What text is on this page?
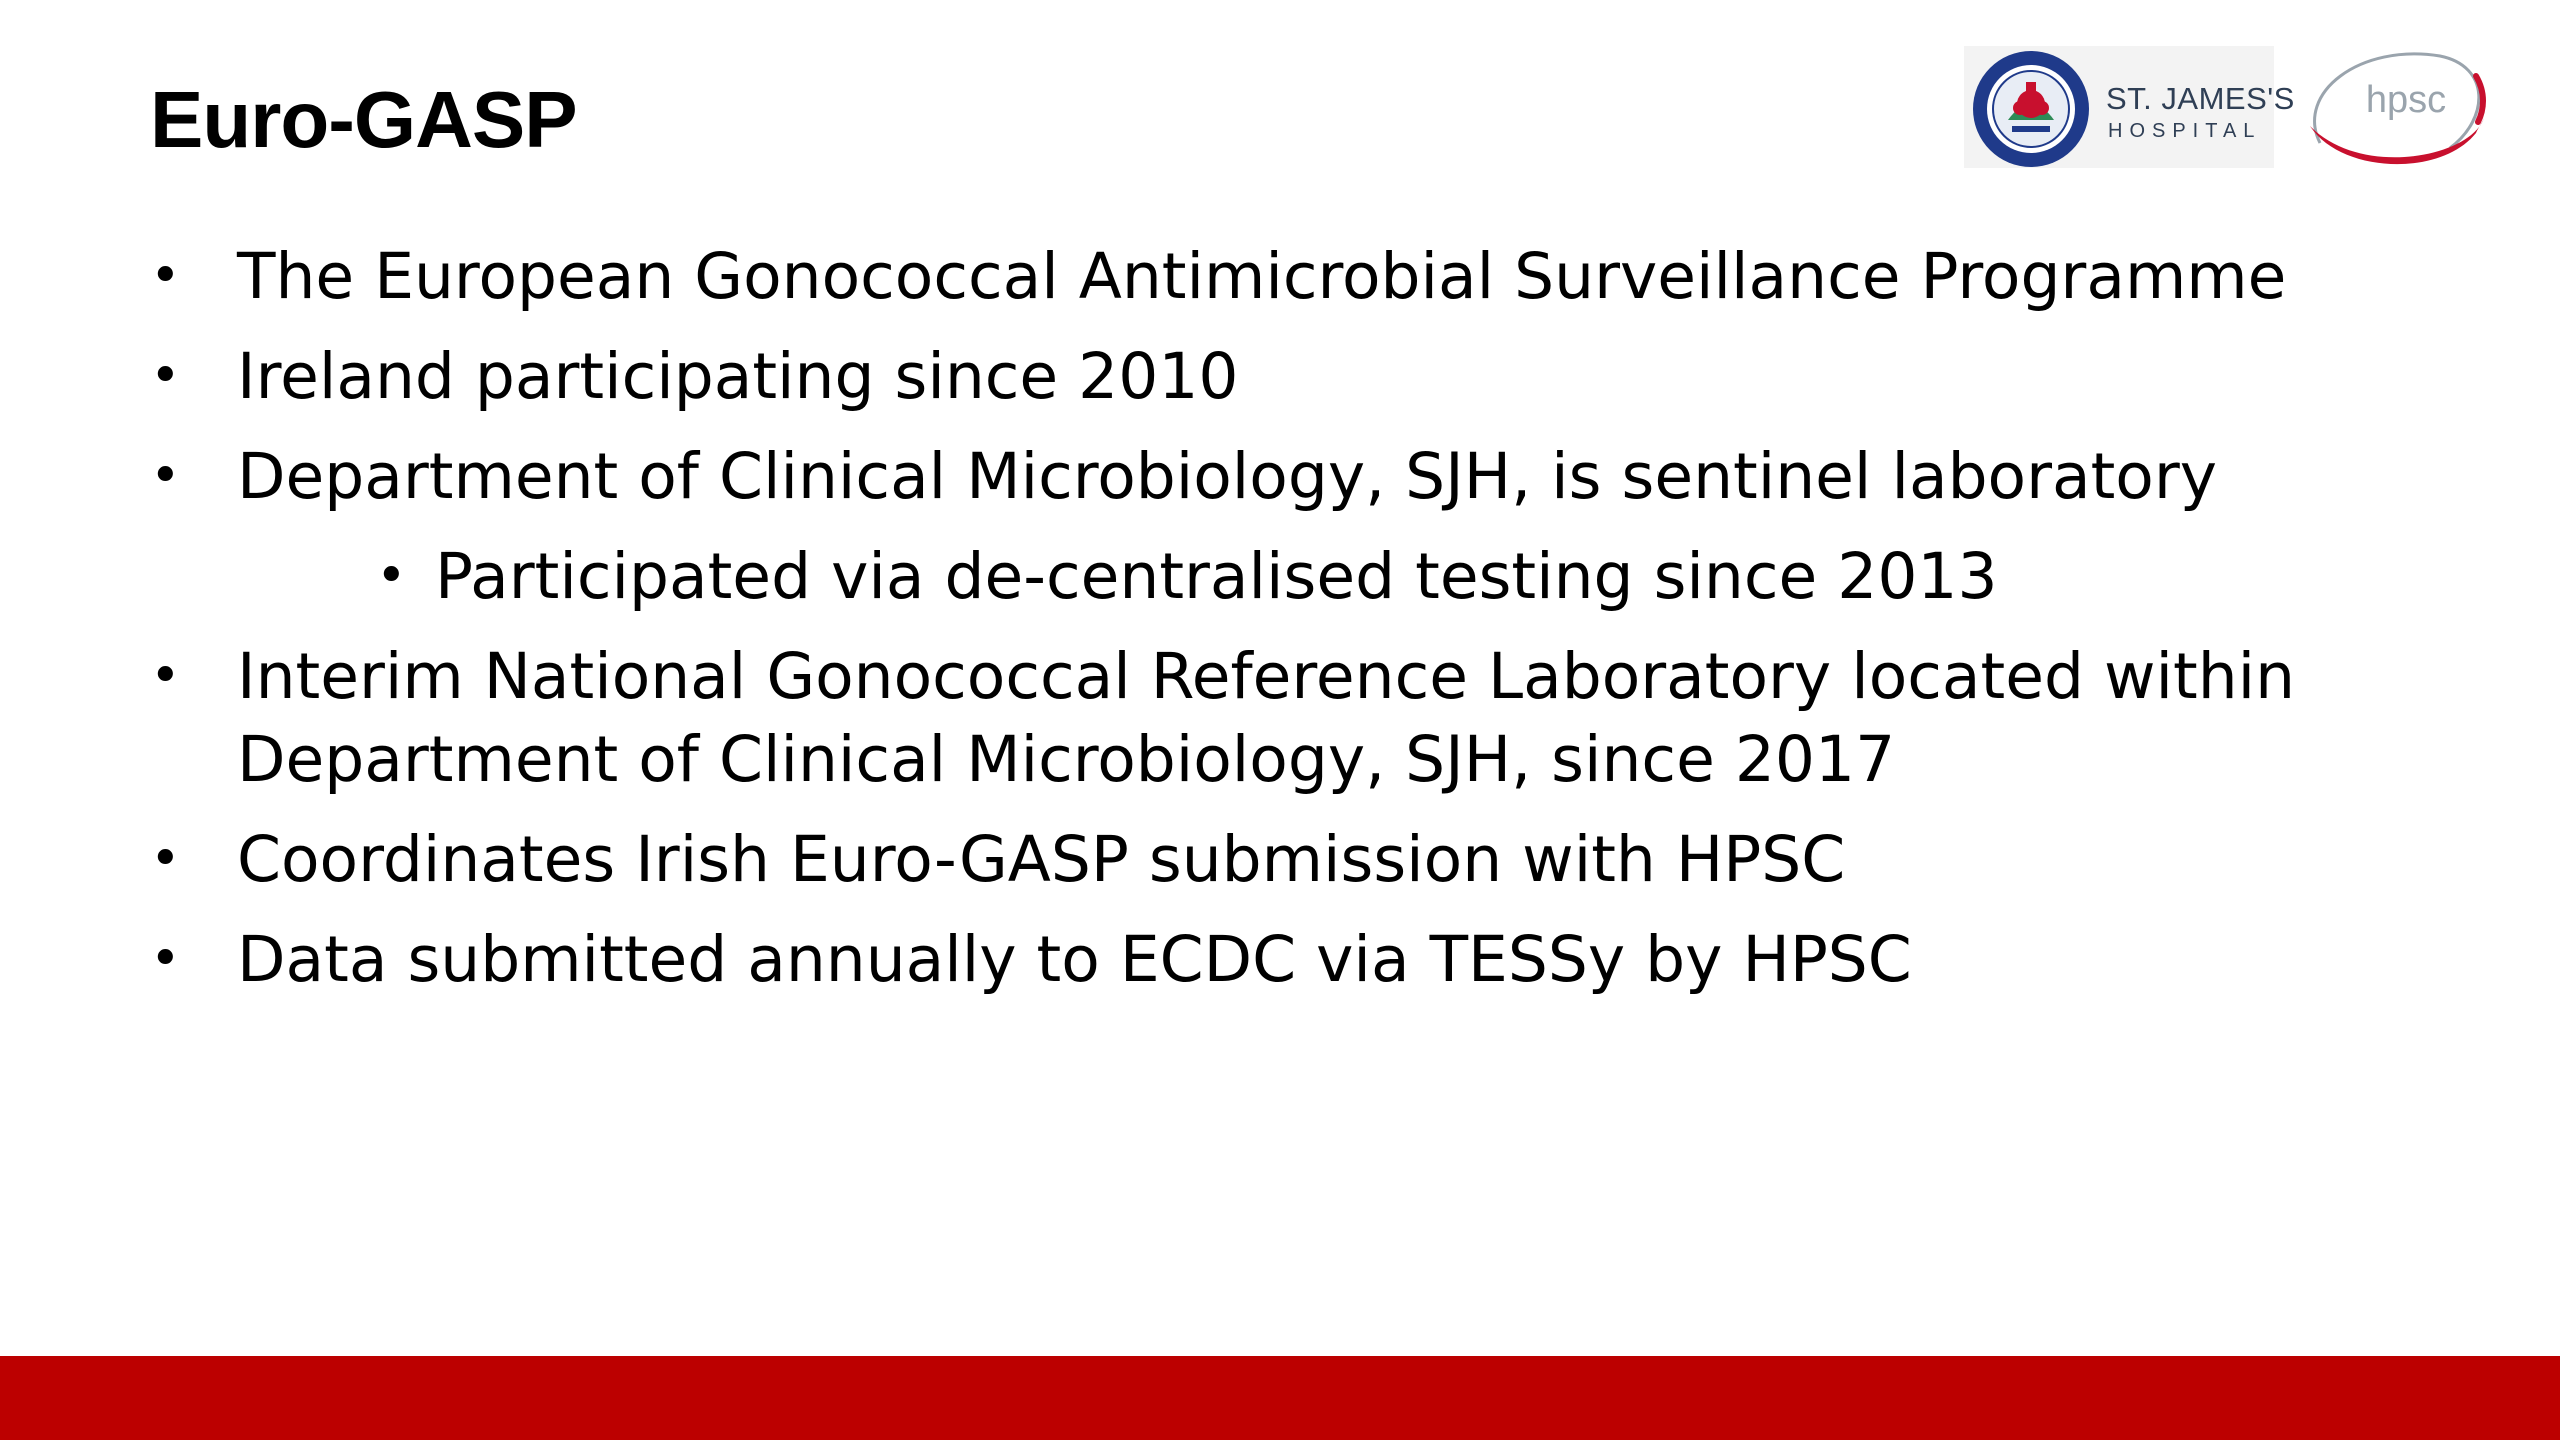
Euro-GASP	ST. JAMES'S
HOSPITAL
hpsc
• The European Gonococcal Antimicrobial Surveillance Programme
• Ireland participating since 2010
• Department of Clinical Microbiology, SJH, is sentinel laboratory
• Participated via de-centralised testing since 2013
• Interim National Gonococcal Reference Laboratory located within Department of Clinical Microbiology, SJH, since 2017
• Coordinates Irish Euro-GASP submission with HPSC
• Data submitted annually to ECDC via TESSy by HPSC
